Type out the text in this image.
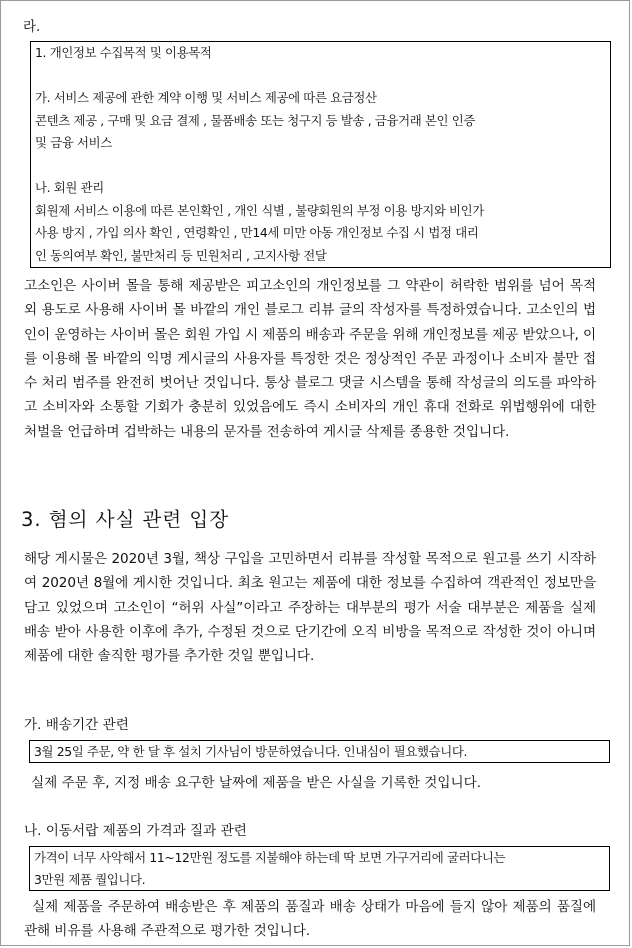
라.
1. 개인정보 수집목적 및 이용목적
가. 서비스 제공에 관한 계약 이행 및 서비스 제공에 따른 요금정산
콘텐츠 제공 , 구매 및 요금 결제 , 물품배송 또는 청구지 등 발송 , 금융거래 본인 인증
및 금융 서비스
나. 회원 관리
회원제 서비스 이용에 따른 본인확인 , 개인 식별 , 불량회원의 부정 이용 방지와 비인가
사용 방지 , 가입 의사 확인 , 연령확인 , 만14세 미만 아동 개인정보 수집 시 법정 대리
인 동의여부 확인, 불만처리 등 민원처리 , 고지사항 전달

고소인은 사이버 몰을 통해 제공받은 피고소인의 개인정보를 그 약관이 허락한 범위를 넘어 목적 외 용도로 사용해 사이버 몰 바깥의 개인 블로그 리뷰 글의 작성자를 특정하였습니다. 고소인의 법인이 운영하는 사이버 몰은 회원 가입 시 제품의 배송과 주문을 위해 개인정보를 제공 받았으나, 이를 이용해 몰 바깥의 익명 게시글의 사용자를 특정한 것은 정상적인 주문 과정이나 소비자 불만 접수 처리 범주를 완전히 벗어난 것입니다. 통상 블로그 댓글 시스템을 통해 작성글의 의도를 파악하고 소비자와 소통할 기회가 충분히 있었음에도 즉시 소비자의 개인 휴대 전화로 위법행위에 대한 처벌을 언급하며 겁박하는 내용의 문자를 전송하여 게시글 삭제를 종용한 것입니다.

3. 혐의 사실 관련 입장

해당 게시물은 2020년 3월, 책상 구입을 고민하면서 리뷰를 작성할 목적으로 원고를 쓰기 시작하여 2020년 8월에 게시한 것입니다. 최초 원고는 제품에 대한 정보를 수집하여 객관적인 정보만을 담고 있었으며 고소인이 “허위 사실”이라고 주장하는 대부분의 평가 서술 대부분은 제품을 실제 배송 받아 사용한 이후에 추가, 수정된 것으로 단기간에 오직 비방을 목적으로 작성한 것이 아니며 제품에 대한 솔직한 평가를 추가한 것일 뿐입니다.

가. 배송기간 관련
3월 25일 주문, 약 한 달 후 설치 기사님이 방문하였습니다. 인내심이 필요했습니다.
실제 주문 후, 지정 배송 요구한 날짜에 제품을 받은 사실을 기록한 것입니다.
나. 이동서랍 제품의 가격과 질과 관련
가격이 너무 사악해서 11~12만원 정도를 지불해야 하는데 딱 보면 가구거리에 굴러다니는
3만원 제품 퀄입니다.

실제 제품을 주문하여 배송받은 후 제품의 품질과 배송 상태가 마음에 들지 않아 제품의 품질에 관해 비유를 사용해 주관적으로 평가한 것입니다.
